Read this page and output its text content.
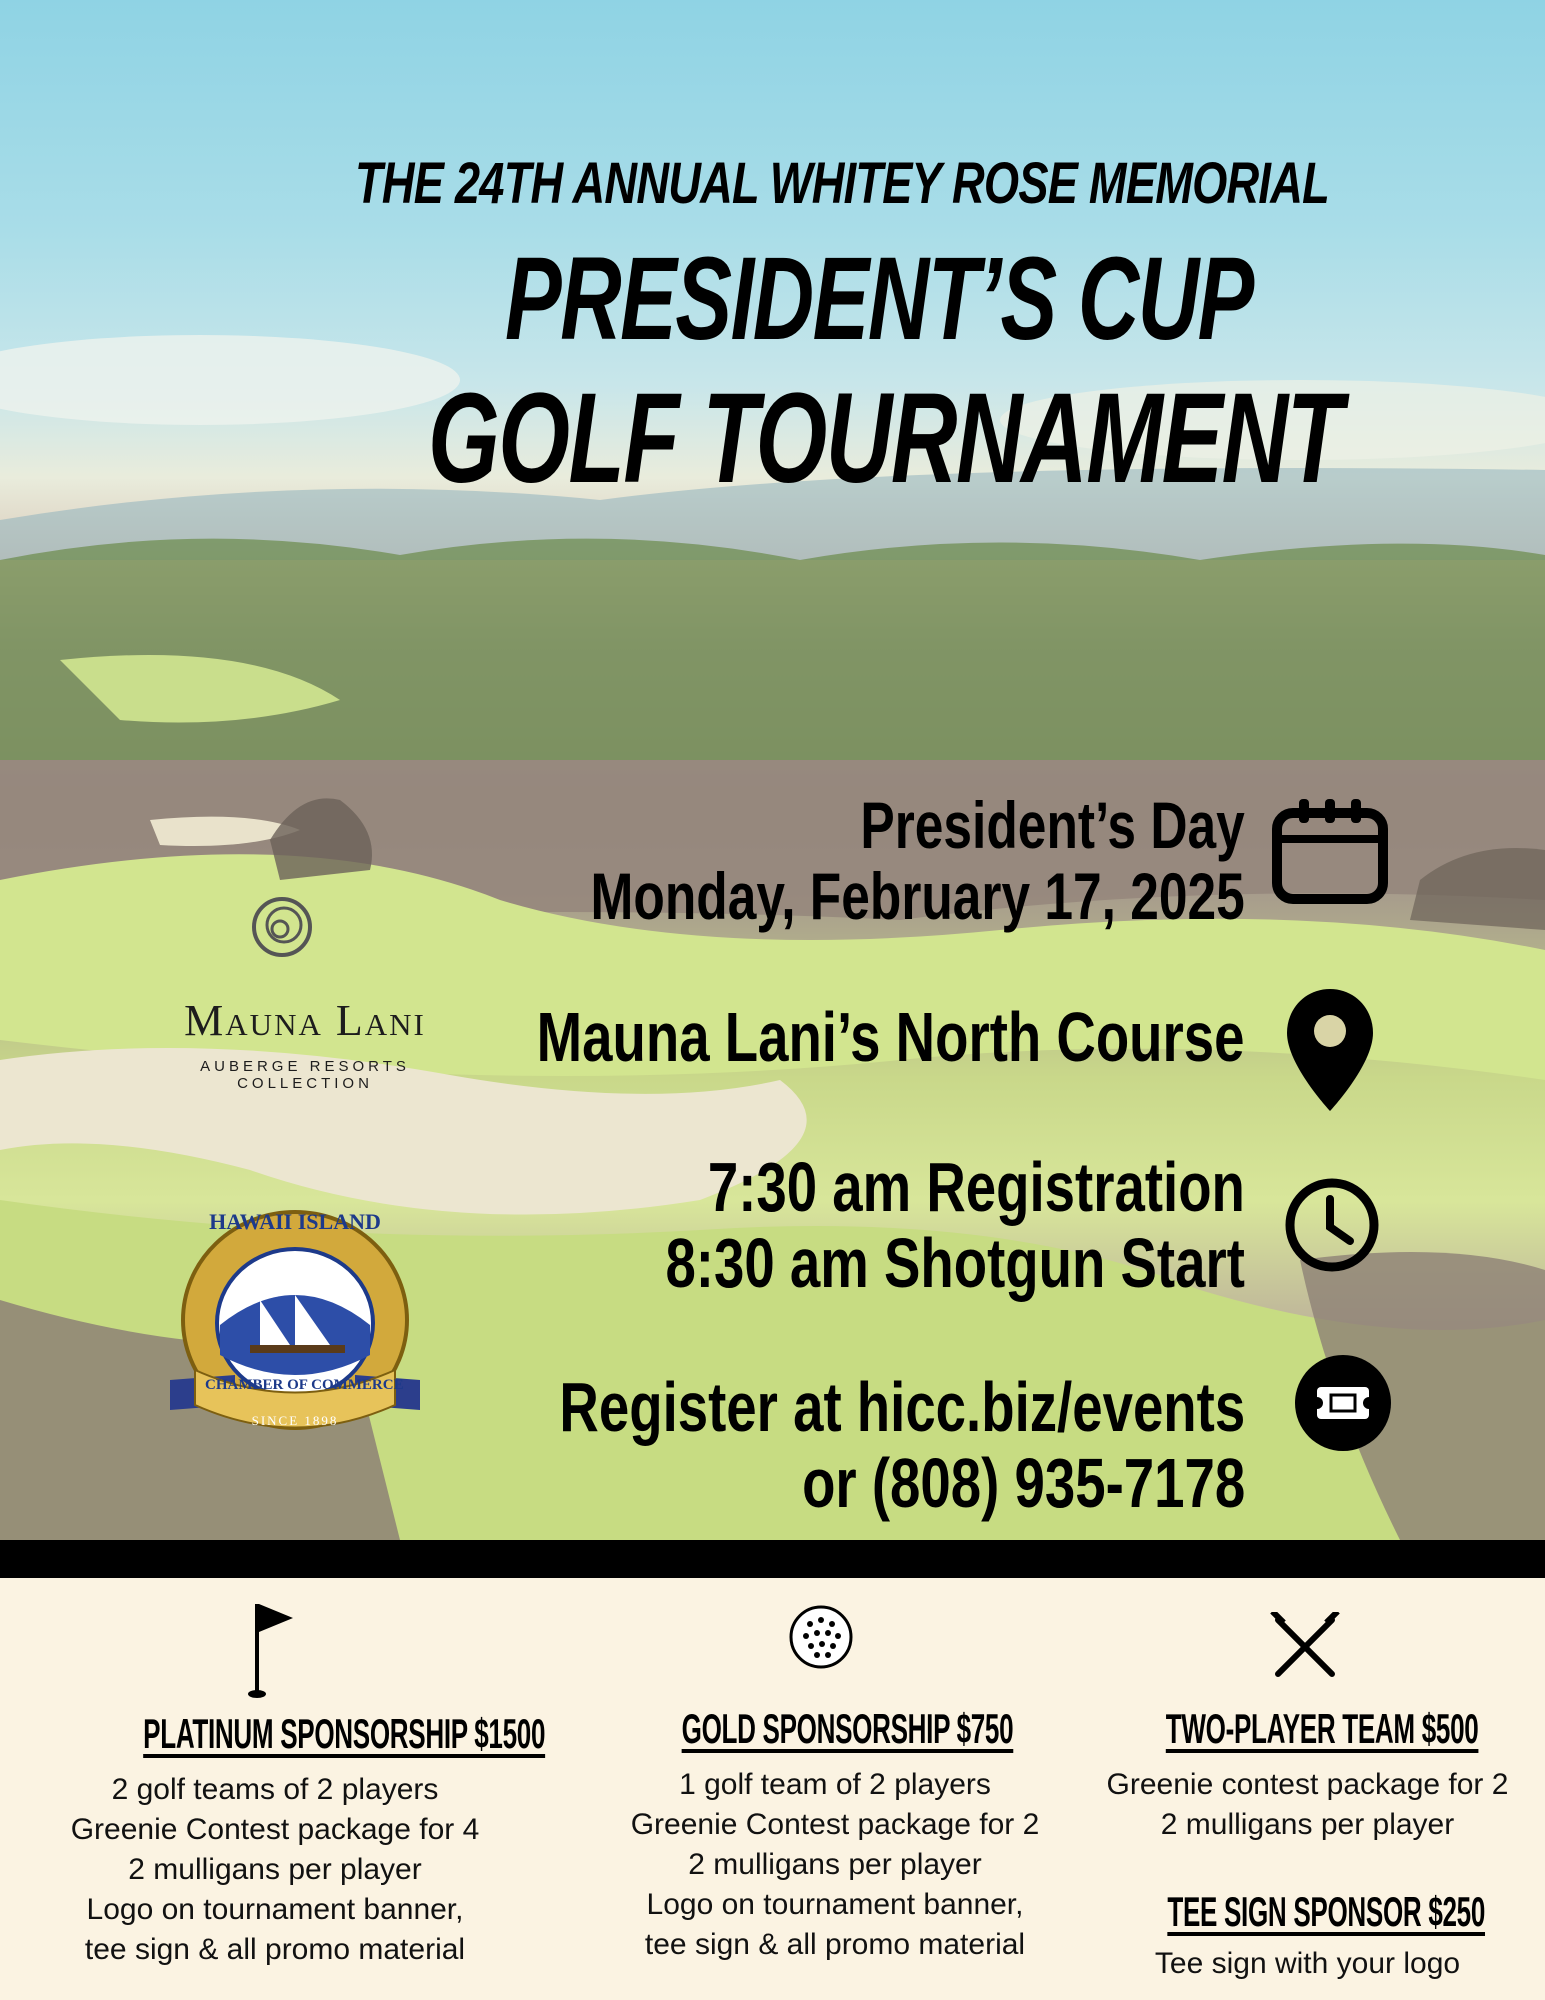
THE 24TH ANNUAL WHITEY ROSE MEMORIAL
PRESIDENT’S CUP
GOLF TOURNAMENT
President’s Day
Monday, February 17, 2025
Mauna Lani’s North Course
7:30 am Registration
8:30 am Shotgun Start
Register at hicc.biz/events
or (808) 935-7178
Mauna Lani
AUBERGE RESORTS COLLECTION
CHAMBER OF COMMERCE
HAWAII ISLAND
SINCE 1898
PLATINUM SPONSORSHIP $1500
2 golf teams of 2 players
Greenie Contest package for 4
2 mulligans per player
Logo on tournament banner,
tee sign & all promo material
GOLD SPONSORSHIP $750
1 golf team of 2 players
Greenie Contest package for 2
2 mulligans per player
Logo on tournament banner,
tee sign & all promo material
TWO-PLAYER TEAM $500
Greenie contest package for 2
2 mulligans per player
TEE SIGN SPONSOR $250
Tee sign with your logo
